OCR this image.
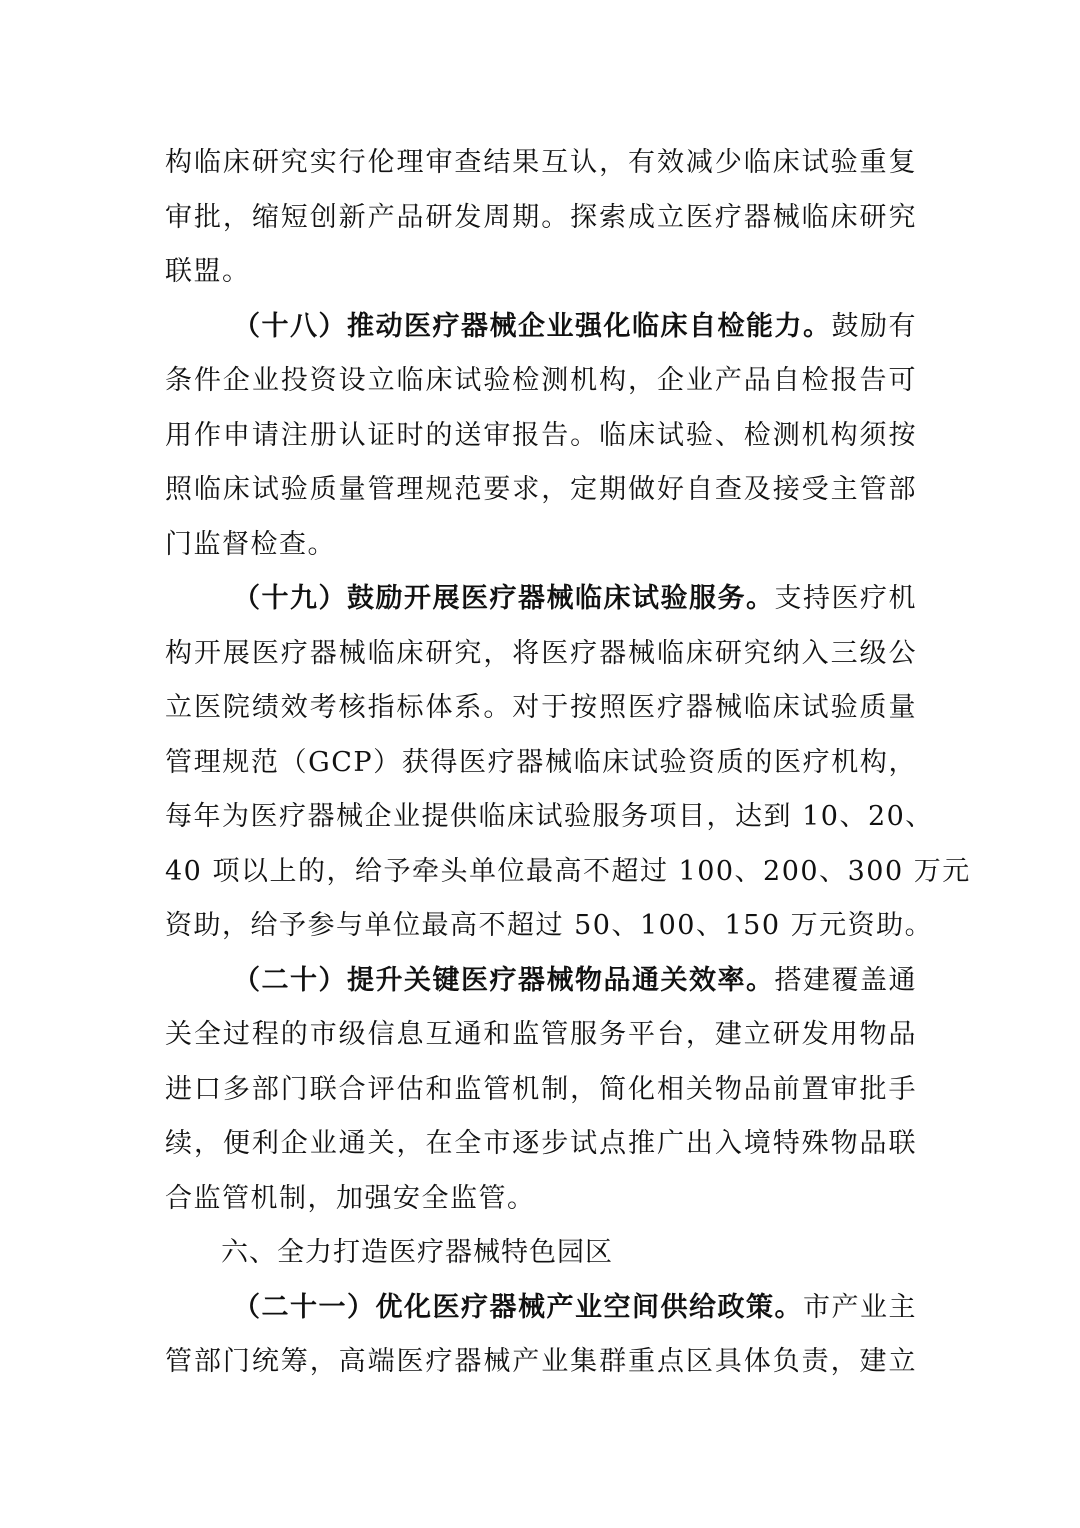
构临床研究实行伦理审查结果互认，有效减少临床试验重复
审批，缩短创新产品研发周期。探索成立医疗器械临床研究
联盟。
（十八）推动医疗器械企业强化临床自检能力。鼓励有
条件企业投资设立临床试验检测机构，企业产品自检报告可
用作申请注册认证时的送审报告。临床试验、检测机构须按
照临床试验质量管理规范要求，定期做好自查及接受主管部
门监督检查。
（十九）鼓励开展医疗器械临床试验服务。支持医疗机
构开展医疗器械临床研究，将医疗器械临床研究纳入三级公
立医院绩效考核指标体系。对于按照医疗器械临床试验质量
管理规范（GCP）获得医疗器械临床试验资质的医疗机构，
每年为医疗器械企业提供临床试验服务项目，达到 10、20、
40 项以上的，给予牵头单位最高不超过 100、200、300 万元
资助，给予参与单位最高不超过 50、100、150 万元资助。
（二十）提升关键医疗器械物品通关效率。搭建覆盖通
关全过程的市级信息互通和监管服务平台，建立研发用物品
进口多部门联合评估和监管机制，简化相关物品前置审批手
续，便利企业通关，在全市逐步试点推广出入境特殊物品联
合监管机制，加强安全监管。
六、全力打造医疗器械特色园区
（二十一）优化医疗器械产业空间供给政策。市产业主
管部门统筹，高端医疗器械产业集群重点区具体负责，建立
